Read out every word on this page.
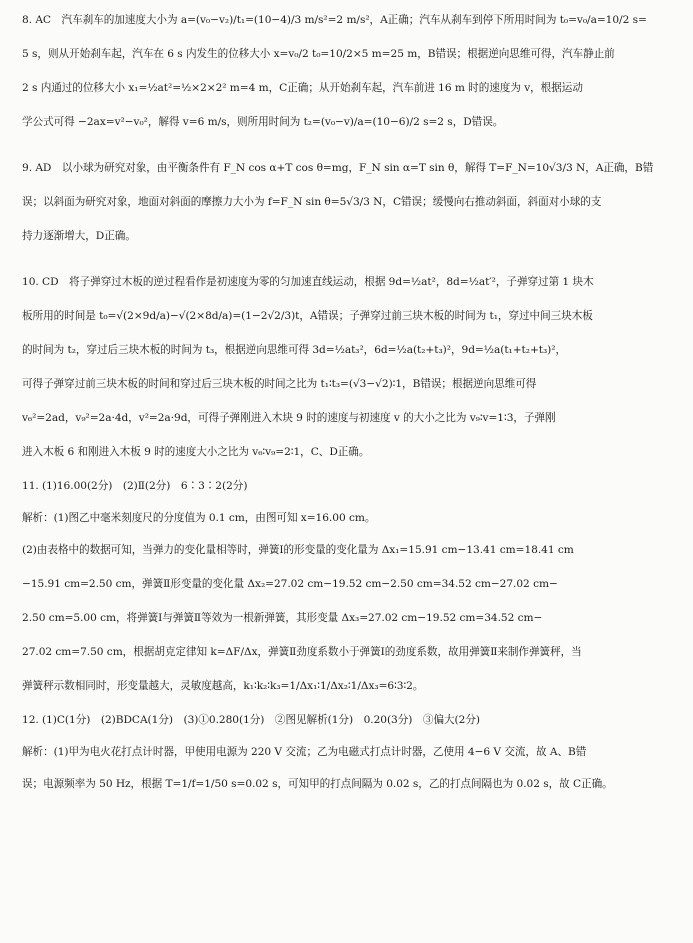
8. AC　汽车刹车的加速度大小为 a=(v₀−v₂)/t₁=(10−4)/3 m/s²=2 m/s²，A正确；汽车从刹车到停下所用时间为 t₀=v₀/a=10/2 s=
5 s，则从开始刹车起，汽车在 6 s 内发生的位移大小 x=v₀/2 t₀=10/2×5 m=25 m，B错误；根据逆向思维可得，汽车静止前
2 s 内通过的位移大小 x₁=½at²=½×2×2² m=4 m，C正确；从开始刹车起，汽车前进 16 m 时的速度为 v，根据运动
学公式可得 −2ax=v²−v₀²，解得 v=6 m/s，则所用时间为 t₂=(v₀−v)/a=(10−6)/2 s=2 s，D错误。
9. AD　以小球为研究对象，由平衡条件有 F_N cos α+T cos θ=mg，F_N sin α=T sin θ，解得 T=F_N=10√3/3 N，A正确，B错
误；以斜面为研究对象，地面对斜面的摩擦力大小为 f=F_N sin θ=5√3/3 N，C错误；缓慢向右推动斜面，斜面对小球的支
持力逐渐增大，D正确。
10. CD　将子弹穿过木板的逆过程看作是初速度为零的匀加速直线运动，根据 9d=½at²，8d=½at′²，子弹穿过第 1 块木
板所用的时间是 t₀=√(2×9d/a)−√(2×8d/a)=(1−2√2/3)t，A错误；子弹穿过前三块木板的时间为 t₁，穿过中间三块木板
的时间为 t₂，穿过后三块木板的时间为 t₃，根据逆向思维可得 3d=½at₃²，6d=½a(t₂+t₃)²，9d=½a(t₁+t₂+t₃)²，
可得子弹穿过前三块木板的时间和穿过后三块木板的时间之比为 t₁∶t₃=(√3−√2)∶1，B错误；根据逆向思维可得
v₆²=2ad，v₉²=2a·4d，v²=2a·9d，可得子弹刚进入木块 9 时的速度与初速度 v 的大小之比为 v₉∶v=1∶3，子弹刚
进入木板 6 和刚进入木板 9 时的速度大小之比为 v₆∶v₉=2∶1，C、D正确。
11. (1)16.00(2分)　(2)Ⅱ(2分)　6∶3∶2(2分)
解析：(1)图乙中毫米刻度尺的分度值为 0.1 cm，由图可知 x=16.00 cm。
(2)由表格中的数据可知，当弹力的变化量相等时，弹簧Ⅰ的形变量的变化量为 Δx₁=15.91 cm−13.41 cm=18.41 cm
−15.91 cm=2.50 cm，弹簧Ⅱ形变量的变化量 Δx₂=27.02 cm−19.52 cm−2.50 cm=34.52 cm−27.02 cm−
2.50 cm=5.00 cm，将弹簧Ⅰ与弹簧Ⅱ等效为一根新弹簧，其形变量 Δx₃=27.02 cm−19.52 cm=34.52 cm−
27.02 cm=7.50 cm，根据胡克定律知 k=ΔF/Δx，弹簧Ⅱ劲度系数小于弹簧Ⅰ的劲度系数，故用弹簧Ⅱ来制作弹簧秤，当
弹簧秤示数相同时，形变量越大，灵敏度越高，k₁∶k₂∶k₃=1/Δx₁∶1/Δx₂∶1/Δx₃=6∶3∶2。
12. (1)C(1分)　(2)BDCA(1分)　(3)①0.280(1分)　②图见解析(1分)　0.20(3分)　③偏大(2分)
解析：(1)甲为电火花打点计时器，甲使用电源为 220 V 交流；乙为电磁式打点计时器，乙使用 4−6 V 交流，故 A、B错
误；电源频率为 50 Hz，根据 T=1/f=1/50 s=0.02 s，可知甲的打点间隔为 0.02 s，乙的打点间隔也为 0.02 s，故 C正确。
